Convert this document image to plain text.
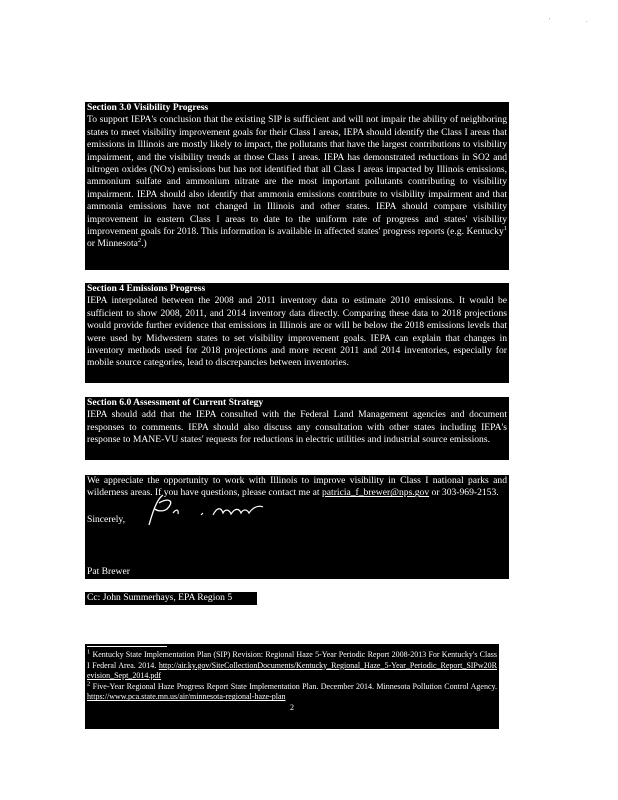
'	.
Section 3.0 Visibility Progress

To support IEPA's conclusion that the existing SIP is sufficient and will not impair the ability of neighboring states to meet visibility improvement goals for their Class I areas, IEPA should identify the Class I areas that emissions in Illinois are mostly likely to impact, the pollutants that have the largest contributions to visibility impairment, and the visibility trends at those Class I areas. IEPA has demonstrated reductions in SO2 and nitrogen oxides (NOx) emissions but has not identified that all Class I areas impacted by Illinois emissions, ammonium sulfate and ammonium nitrate are the most important pollutants contributing to visibility impairment. IEPA should also identify that ammonia emissions contribute to visibility impairment and that ammonia emissions have not changed in Illinois and other states. IEPA should compare visibility improvement in eastern Class I areas to date to the uniform rate of progress and states' visibility improvement goals for 2018. This information is available in affected states' progress reports (e.g. Kentucky$^1$ or Minnesota$^2$.)

Section 4 Emissions Progress

IEPA interpolated between the 2008 and 2011 inventory data to estimate 2010 emissions. It would be sufficient to show 2008, 2011, and 2014 inventory data directly. Comparing these data to 2018 projections would provide further evidence that emissions in Illinois are or will be below the 2018 emissions levels that were used by Midwestern states to set visibility improvement goals. IEPA can explain that changes in inventory methods used for 2018 projections and more recent 2011 and 2014 inventories, especially for mobile source categories, lead to discrepancies between inventories.

Section 6.0 Assessment of Current Strategy

IEPA should add that the IEPA consulted with the Federal Land Management agencies and document responses to comments. IEPA should also discuss any consultation with other states including IEPA's response to MANE-VU states' requests for reductions in electric utilities and industrial source emissions.

We appreciate the opportunity to work with Illinois to improve visibility in Class I national parks and wilderness areas. If you have questions, please contact me at patricia_f_brewer@nps.gov or 303-969-2153.

Sincerely,
Pat Brewer
Cc: John Summerhays, EPA Region 5

$^1$ Kentucky State Implementation Plan (SIP) Revision: Regional Haze 5-Year Periodic Report 2008-2013 For Kentucky's Class I Federal Area. 2014. http://air.ky.gov/SiteCollectionDocuments/Kentucky_Regional_Haze_5-Year_Periodic_Report_SIPw20Revision_Sept_2014.pdf

$^2$ Five-Year Regional Haze Progress Report State Implementation Plan. December 2014. Minnesota Pollution Control Agency. https://www.pca.state.mn.us/air/minnesota-regional-haze-plan

2
